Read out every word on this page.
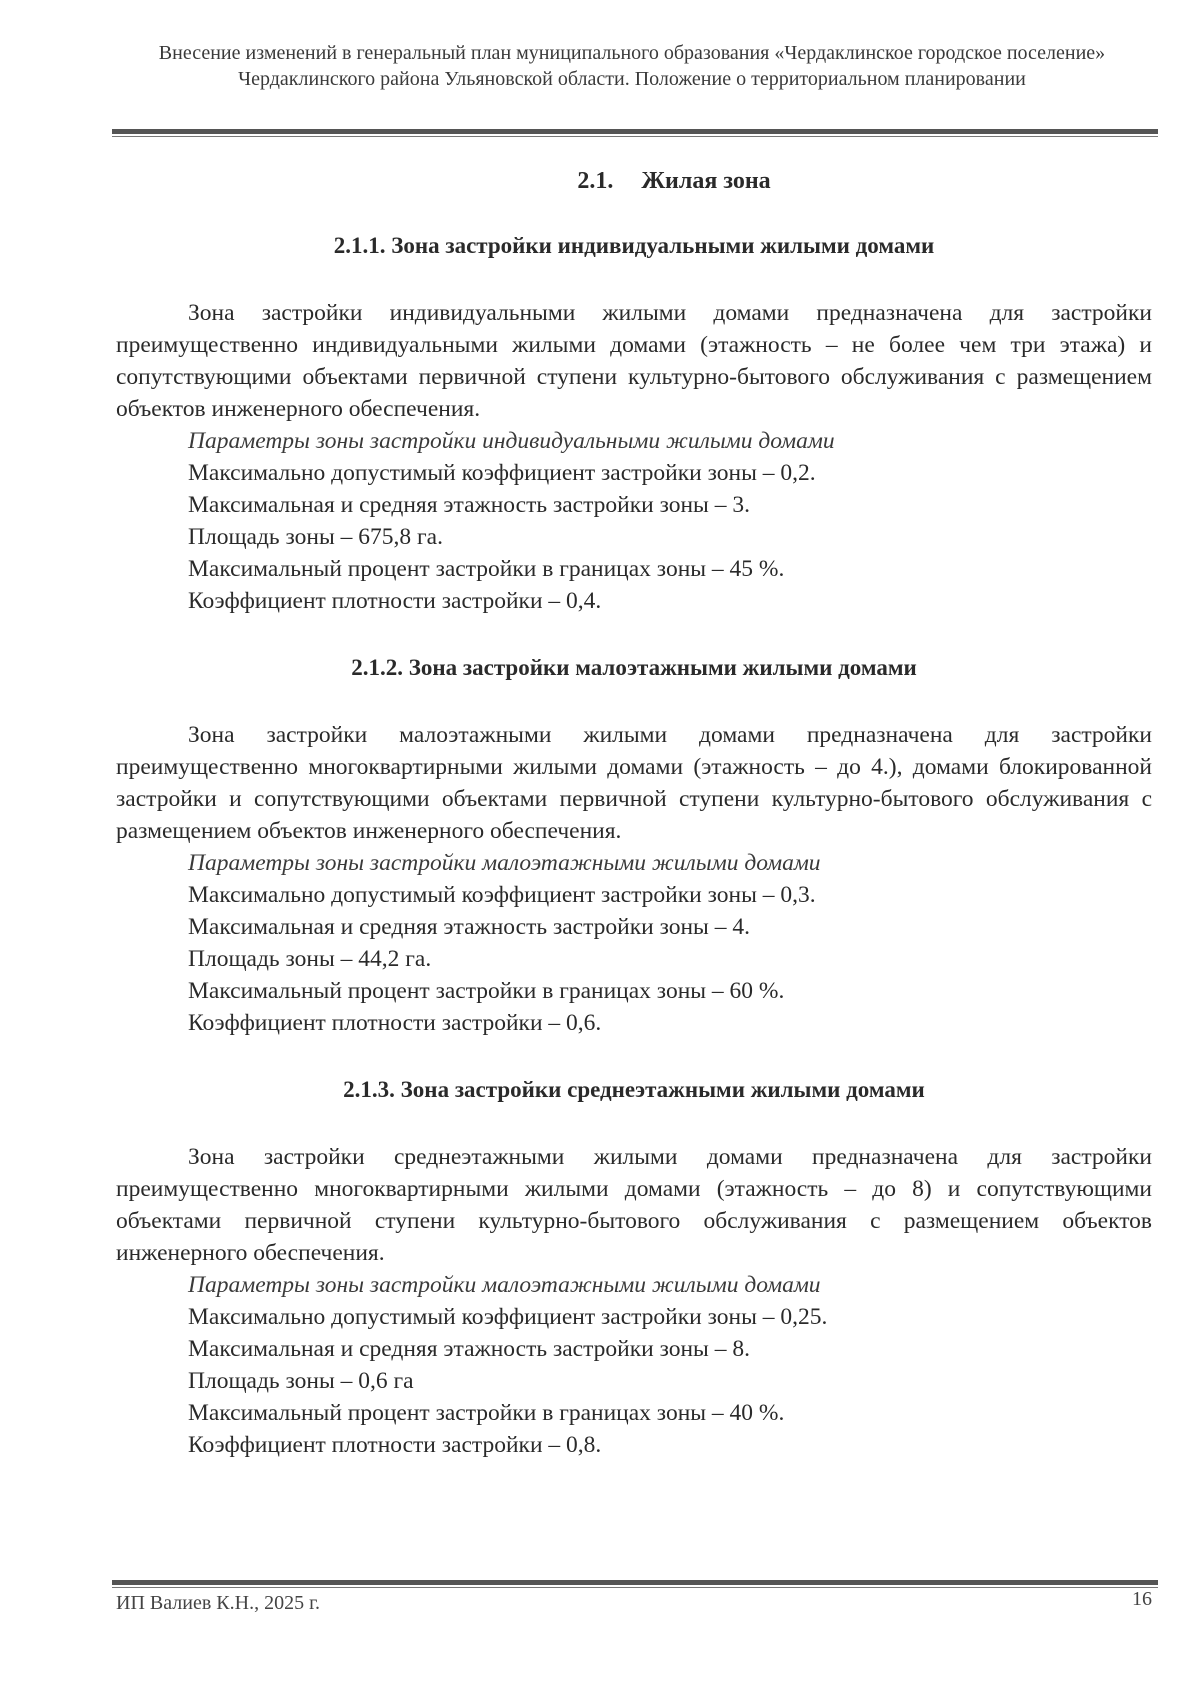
Внесение изменений в генеральный план муниципального образования «Чердаклинское городское поселение» Чердаклинского района Ульяновской области. Положение о территориальном планировании
2.1. Жилая зона
2.1.1. Зона застройки индивидуальными жилыми домами

Зона застройки индивидуальными жилыми домами предназначена для застройки преимущественно индивидуальными жилыми домами (этажность – не более чем три этажа) и сопутствующими объектами первичной ступени культурно-бытового обслуживания с размещением объектов инженерного обеспечения.

Параметры зоны застройки индивидуальными жилыми домами
Максимально допустимый коэффициент застройки зоны – 0,2.
Максимальная и средняя этажность застройки зоны – 3.
Площадь зоны – 675,8 га.
Максимальный процент застройки в границах зоны – 45 %.
Коэффициент плотности застройки – 0,4.
2.1.2. Зона застройки малоэтажными жилыми домами

Зона застройки малоэтажными жилыми домами предназначена для застройки преимущественно многоквартирными жилыми домами (этажность – до 4.), домами блокированной застройки и сопутствующими объектами первичной ступени культурно-бытового обслуживания с размещением объектов инженерного обеспечения.

Параметры зоны застройки малоэтажными жилыми домами
Максимально допустимый коэффициент застройки зоны – 0,3.
Максимальная и средняя этажность застройки зоны – 4.
Площадь зоны – 44,2 га.
Максимальный процент застройки в границах зоны – 60 %.
Коэффициент плотности застройки – 0,6.
2.1.3. Зона застройки среднеэтажными жилыми домами

Зона застройки среднеэтажными жилыми домами предназначена для застройки преимущественно многоквартирными жилыми домами (этажность – до 8) и сопутствующими объектами первичной ступени культурно-бытового обслуживания с размещением объектов инженерного обеспечения.

Параметры зоны застройки малоэтажными жилыми домами
Максимально допустимый коэффициент застройки зоны – 0,25.
Максимальная и средняя этажность застройки зоны – 8.
Площадь зоны – 0,6 га
Максимальный процент застройки в границах зоны – 40 %.
Коэффициент плотности застройки – 0,8.
ИП Валиев К.Н., 2025 г.	16
